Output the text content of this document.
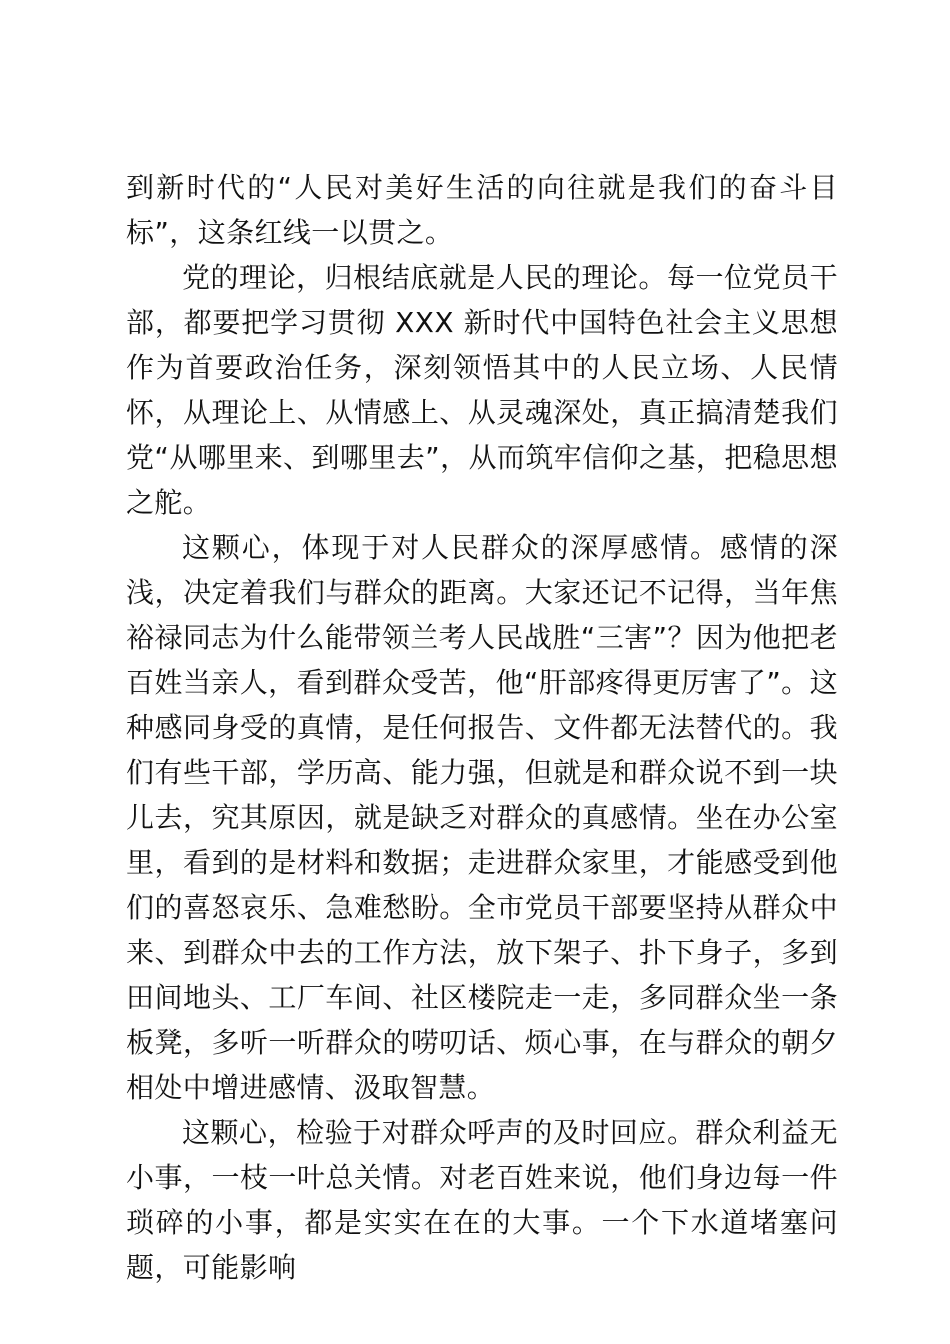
到新时代的“人民对美好生活的向往就是我们的奋斗目标”，这条红线一以贯之。

党的理论，归根结底就是人民的理论。每一位党员干部，都要把学习贯彻 XXX 新时代中国特色社会主义思想作为首要政治任务，深刻领悟其中的人民立场、人民情怀，从理论上、从情感上、从灵魂深处，真正搞清楚我们党“从哪里来、到哪里去”，从而筑牢信仰之基，把稳思想之舵。

这颗心，体现于对人民群众的深厚感情。感情的深浅，决定着我们与群众的距离。大家还记不记得，当年焦裕禄同志为什么能带领兰考人民战胜“三害”？因为他把老百姓当亲人，看到群众受苦，他“肝部疼得更厉害了”。这种感同身受的真情，是任何报告、文件都无法替代的。我们有些干部，学历高、能力强，但就是和群众说不到一块儿去，究其原因，就是缺乏对群众的真感情。坐在办公室里，看到的是材料和数据；走进群众家里，才能感受到他们的喜怒哀乐、急难愁盼。全市党员干部要坚持从群众中来、到群众中去的工作方法，放下架子、扑下身子，多到田间地头、工厂车间、社区楼院走一走，多同群众坐一条板凳，多听一听群众的唠叨话、烦心事，在与群众的朝夕相处中增进感情、汲取智慧。

这颗心，检验于对群众呼声的及时回应。群众利益无小事，一枝一叶总关情。对老百姓来说，他们身边每一件琐碎的小事，都是实实在在的大事。一个下水道堵塞问题，可能影响
